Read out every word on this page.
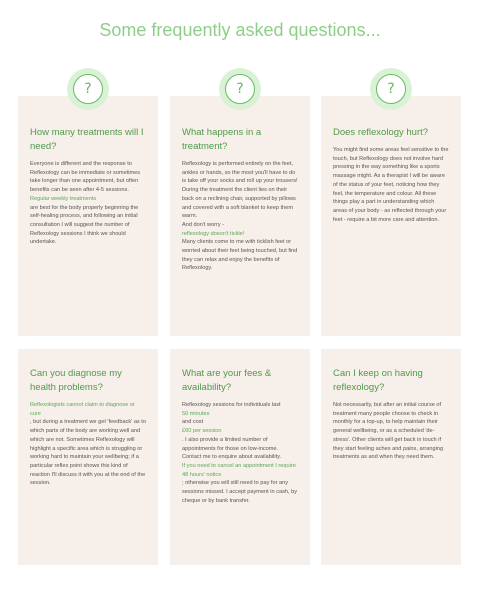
Some frequently asked questions...
?
How many treatments will I need?
Everyone is different and the response to Reflexology can be immediate or sometimes take longer than one appointment, but often benefits can be seen after 4-5 sessions.
Regular weekly treatments
are best for the body properly beginning the self-healing process, and following an initial consultation I will suggest the number of Reflexology sessions I think we should undertake.
?
What happens in a treatment?
Reflexology is performed entirely on the feet, ankles or hands, so the most you'll have to do is take off your socks and roll up your trousers! During the treatment the client lies on their back on a reclining chair, supported by pillows and covered with a soft blanket to keep them warm.
And don't worry -
reflexology doesn't tickle!
Many clients come to me with ticklish feet or worried about their feet being touched, but find they can relax and enjoy the benefits of Reflexology.
?
Does reflexology hurt?
You might find some areas feel sensitive to the touch, but Reflexology does not involve hard pressing in the way something like a sports massage might. As a therapist I will be aware of the status of your feet, noticing how they feel, the temperature and colour. All these things play a part in understanding which areas of your body - as reflected through your feet - require a bit more care and attention.
Can you diagnose my health problems?
Reflexologists cannot claim to diagnose or cure
, but during a treatment we get 'feedback' as to which parts of the body are working well and which are not. Sometimes Reflexology will highlight a specific area which is struggling or working hard to maintain your wellbeing; if a particular reflex point shows this kind of reaction I'll discuss it with you at the end of the session.
What are your fees & availability?
Reflexology sessions for individuals last
50 minutes
and cost
£60 per session
. I also provide a limited number of appointments for those on low-income. Contact me to enquire about availability.
If you need to cancel an appointment I require 48 hours' notice
; otherwise you will still need to pay for any sessions missed. I accept payment in cash, by cheque or by bank transfer.
Can I keep on having reflexology?
Not necessarily, but after an initial course of treatment many people choose to check in monthly for a top-up, to help maintain their general wellbeing, or as a scheduled 'de-stress'. Other clients will get back in touch if they start feeling aches and pains, arranging treatments as and when they need them.
